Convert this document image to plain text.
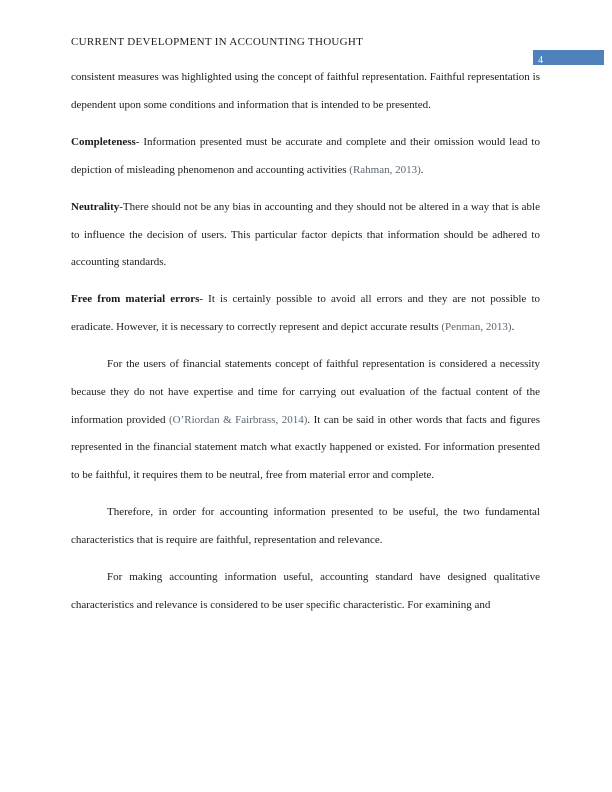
CURRENT DEVELOPMENT IN ACCOUNTING THOUGHT
4
consistent measures was highlighted using the concept of faithful representation. Faithful representation is dependent upon some conditions and information that is intended to be presented.
Completeness- Information presented must be accurate and complete and their omission would lead to depiction of misleading phenomenon and accounting activities (Rahman, 2013).
Neutrality-There should not be any bias in accounting and they should not be altered in a way that is able to influence the decision of users. This particular factor depicts that information should be adhered to accounting standards.
Free from material errors- It is certainly possible to avoid all errors and they are not possible to eradicate. However, it is necessary to correctly represent and depict accurate results (Penman, 2013).
For the users of financial statements concept of faithful representation is considered a necessity because they do not have expertise and time for carrying out evaluation of the factual content of the information provided (O’Riordan & Fairbrass, 2014). It can be said in other words that facts and figures represented in the financial statement match what exactly happened or existed. For information presented to be faithful, it requires them to be neutral, free from material error and complete.
Therefore, in order for accounting information presented to be useful, the two fundamental characteristics that is require are faithful, representation and relevance.
For making accounting information useful, accounting standard have designed qualitative characteristics and relevance is considered to be user specific characteristic. For examining and
